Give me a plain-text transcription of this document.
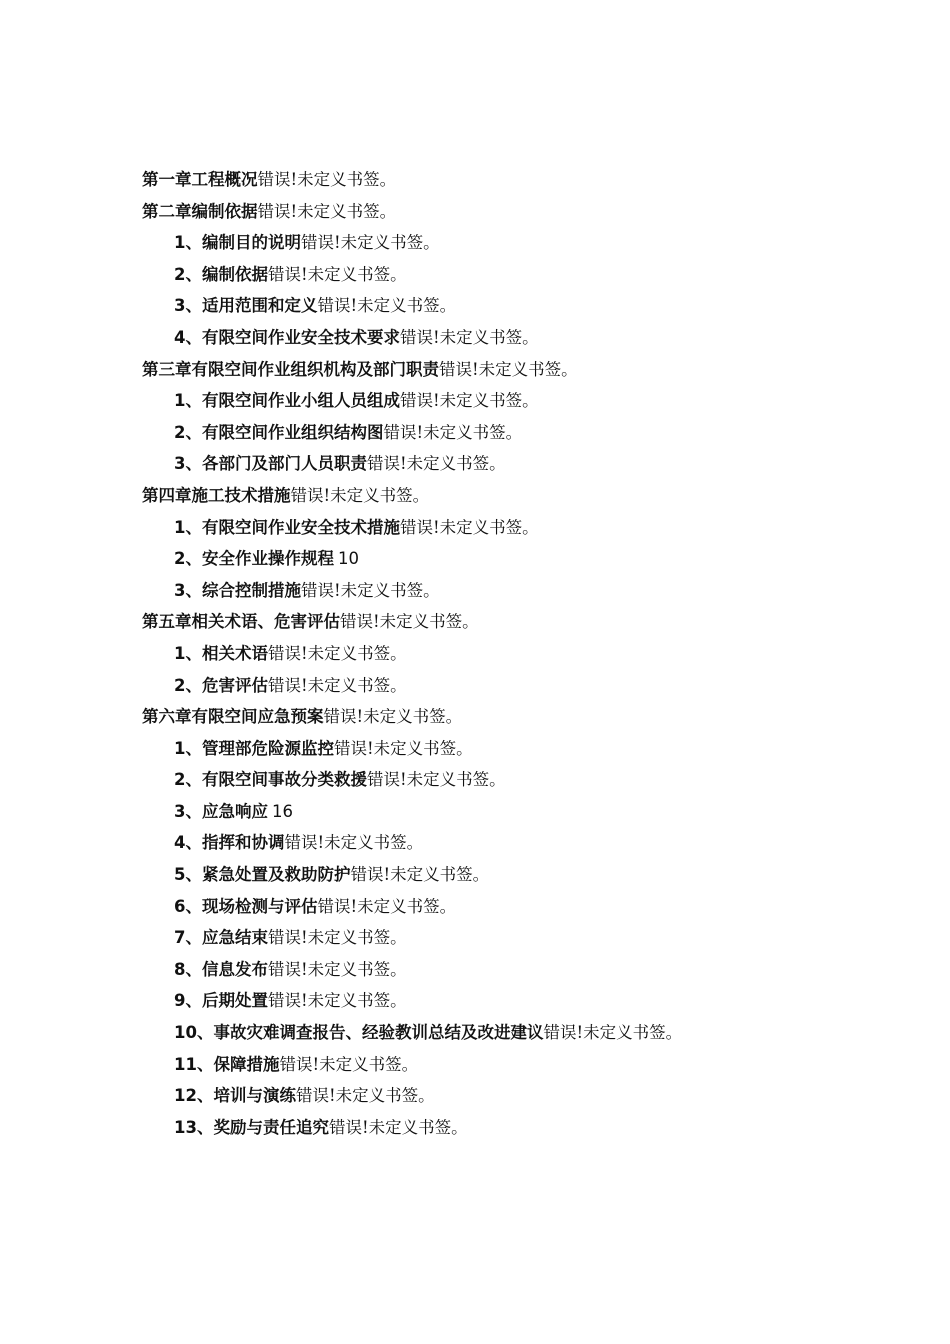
第一章工程概况错误!未定义书签。
第二章编制依据错误!未定义书签。
1、编制目的说明错误!未定义书签。
2、编制依据错误!未定义书签。
3、适用范围和定义错误!未定义书签。
4、有限空间作业安全技术要求错误!未定义书签。
第三章有限空间作业组织机构及部门职责错误!未定义书签。
1、有限空间作业小组人员组成错误!未定义书签。
2、有限空间作业组织结构图错误!未定义书签。
3、各部门及部门人员职责错误!未定义书签。
第四章施工技术措施错误!未定义书签。
1、有限空间作业安全技术措施错误!未定义书签。
2、安全作业操作规程 10
3、综合控制措施错误!未定义书签。
第五章相关术语、危害评估错误!未定义书签。
1、相关术语错误!未定义书签。
2、危害评估错误!未定义书签。
第六章有限空间应急预案错误!未定义书签。
1、管理部危险源监控错误!未定义书签。
2、有限空间事故分类救援错误!未定义书签。
3、应急响应 16
4、指挥和协调错误!未定义书签。
5、紧急处置及救助防护错误!未定义书签。
6、现场检测与评估错误!未定义书签。
7、应急结束错误!未定义书签。
8、信息发布错误!未定义书签。
9、后期处置错误!未定义书签。
10、事故灾难调查报告、经验教训总结及改进建议错误!未定义书签。
11、保障措施错误!未定义书签。
12、培训与演练错误!未定义书签。
13、奖励与责任追究错误!未定义书签。
